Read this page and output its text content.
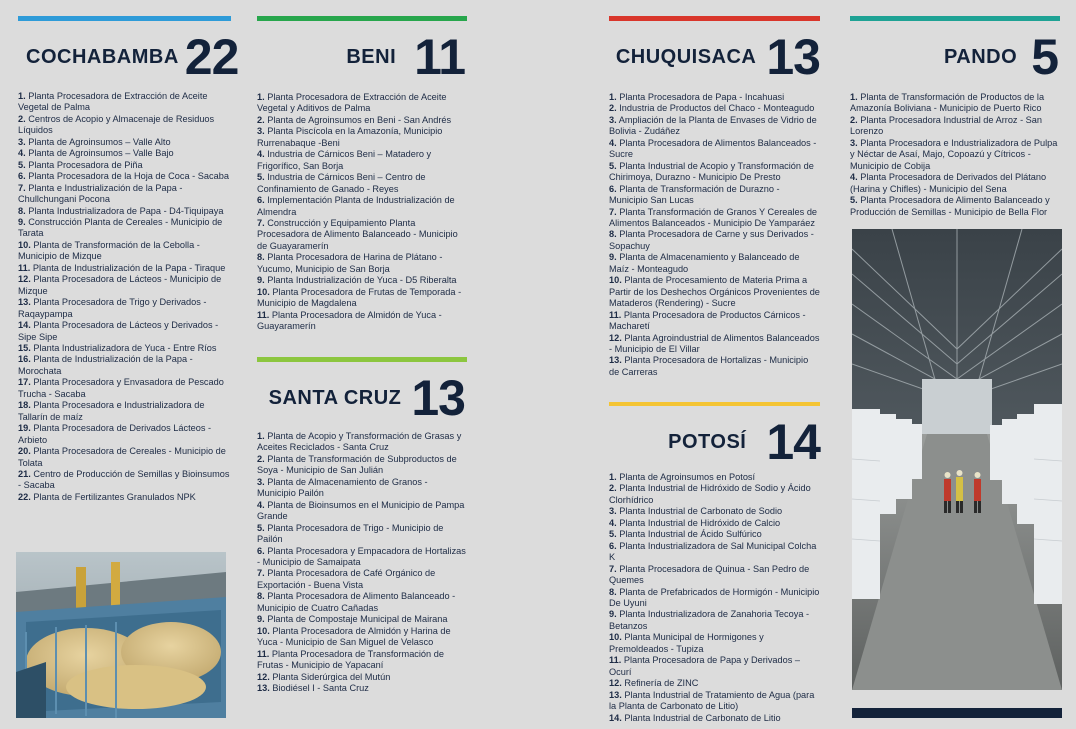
COCHABAMBA 22
1. Planta Procesadora de Extracción de Aceite Vegetal de Palma
2. Centros de Acopio y Almacenaje de Residuos Líquidos
3. Planta de Agroinsumos – Valle Alto
4. Planta de Agroinsumos – Valle Bajo
5. Planta Procesadora de Piña
6. Planta Procesadora de la Hoja de Coca - Sacaba
7. Planta e Industrialización de la Papa - Chullchungani Pocona
8. Planta Industrializadora de Papa - D4-Tiquipaya
9. Construcción Planta de Cereales - Municipio de Tarata
10. Planta de Transformación de la Cebolla - Municipio de Mizque
11. Planta de Industrialización de la Papa - Tiraque
12. Planta Procesadora de Lácteos - Municipio de Mizque
13. Planta Procesadora de Trigo y Derivados - Raqaypampa
14. Planta Procesadora de Lácteos y Derivados - Sipe Sipe
15. Planta Industrializadora de Yuca - Entre Ríos
16. Planta de Industrialización de la Papa - Morochata
17. Planta Procesadora y Envasadora de Pescado Trucha - Sacaba
18. Planta Procesadora e Industrializadora de Tallarín de maíz
19. Planta Procesadora de Derivados Lácteos - Arbieto
20. Planta Procesadora de Cereales - Municipio de Tolata
21. Centro de Producción de Semillas y Bioinsumos - Sacaba
22. Planta de Fertilizantes Granulados NPK
BENI 11
1. Planta Procesadora de Extracción de Aceite Vegetal y Aditivos de Palma
2. Planta de Agroinsumos en Beni - San Andrés
3. Planta Piscícola en la Amazonía, Municipio Rurrenabaque -Beni
4. Industria de Cárnicos Beni – Matadero y Frigorífico, San Borja
5. Industria de Cárnicos Beni – Centro de Confinamiento de Ganado - Reyes
6. Implementación Planta de Industrialización de Almendra
7. Construcción y Equipamiento Planta Procesadora de Alimento Balanceado - Municipio de Guayaramerín
8. Planta Procesadora de Harina de Plátano - Yucumo, Municipio de San Borja
9. Planta Industrialización de Yuca - D5 Riberalta
10. Planta Procesadora de Frutas de Temporada - Municipio de Magdalena
11. Planta Procesadora de Almidón de Yuca - Guayaramerín
SANTA CRUZ 13
1. Planta de Acopio y Transformación de Grasas y Aceites Reciclados - Santa Cruz
2. Planta de Transformación de Subproductos de Soya - Municipio de San Julián
3. Planta de Almacenamiento de Granos - Municipio Pailón
4. Planta de Bioinsumos en el Municipio de Pampa Grande
5. Planta Procesadora de Trigo - Municipio de Pailón
6. Planta Procesadora y Empacadora de Hortalizas - Municipio de Samaipata
7. Planta Procesadora de Café Orgánico de Exportación - Buena Vista
8. Planta Procesadora de Alimento Balanceado - Municipio de Cuatro Cañadas
9. Planta de Compostaje Municipal de Mairana
10. Planta Procesadora de Almidón y Harina de Yuca - Municipio de San Miguel de Velasco
11. Planta Procesadora de Transformación de Frutas - Municipio de Yapacaní
12. Planta Siderúrgica del Mutún
13. Biodiésel I - Santa Cruz
CHUQUISACA 13
1. Planta Procesadora de Papa - Incahuasi
2. Industria de Productos del Chaco - Monteagudo
3. Ampliación de la Planta de Envases de Vidrio de Bolivia - Zudáñez
4. Planta Procesadora de Alimentos Balanceados - Sucre
5. Planta Industrial de Acopio y Transformación de Chirimoya, Durazno - Municipio De Presto
6. Planta de Transformación de Durazno - Municipio San Lucas
7. Planta Transformación de Granos Y Cereales de Alimentos Balanceados - Municipio De Yamparáez
8. Planta Procesadora de Carne y sus Derivados - Sopachuy
9. Planta de Almacenamiento y Balanceado de Maíz - Monteagudo
10. Planta de Procesamiento de Materia Prima a Partir de los Deshechos Orgánicos Provenientes de Mataderos (Rendering) - Sucre
11. Planta Procesadora de Productos Cárnicos - Macharetí
12. Planta Agroindustrial de Alimentos Balanceados - Municipio de El Villar
13. Planta Procesadora de Hortalizas - Municipio de Carreras
POTOSÍ 14
1. Planta de Agroinsumos en Potosí
2. Planta Industrial de Hidróxido de Sodio y Ácido Clorhídrico
3. Planta Industrial de Carbonato de Sodio
4. Planta Industrial de Hidróxido de Calcio
5. Planta Industrial de Ácido Sulfúrico
6. Planta Industrializadora de Sal Municipal Colcha K
7. Planta Procesadora de Quinua - San Pedro de Quemes
8. Planta de Prefabricados de Hormigón - Municipio De Uyuni
9. Planta Industrializadora de Zanahoria Tecoya - Betanzos
10. Planta Municipal de Hormigones y Premoldeados - Tupiza
11. Planta Procesadora de Papa y Derivados – Ocurí
12. Refinería de ZINC
13. Planta Industrial de Tratamiento de Agua (para la Planta de Carbonato de Litio)
14. Planta Industrial de Carbonato de Litio
PANDO 5
1. Planta de Transformación de Productos de la Amazonía Boliviana - Municipio de Puerto Rico
2. Planta Procesadora Industrial de Arroz - San Lorenzo
3. Planta Procesadora e Industrializadora de Pulpa y Néctar de Asaí, Majo, Copoazú y Cítricos - Municipio de Cobija
4. Planta Procesadora de Derivados del Plátano (Harina y Chifles) - Municipio del Sena
5. Planta Procesadora de Alimento Balanceado y Producción de Semillas - Municipio de Bella Flor
